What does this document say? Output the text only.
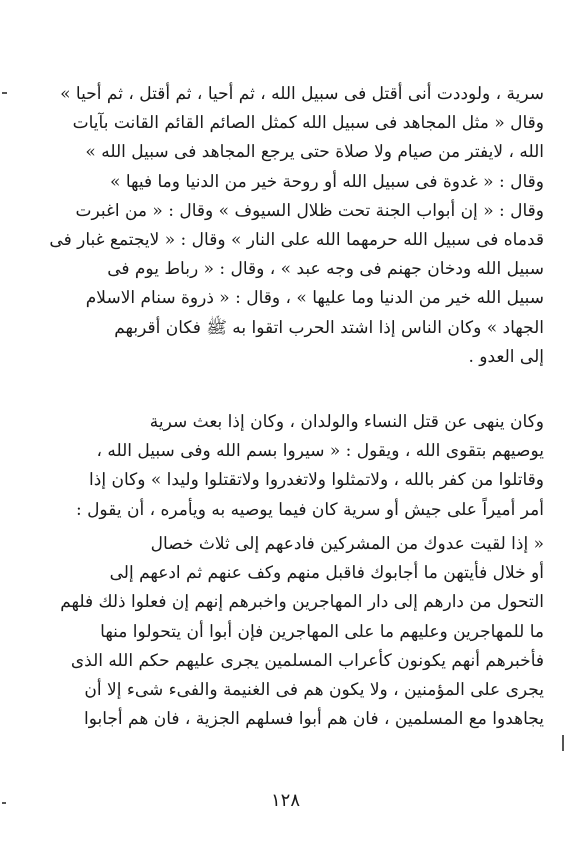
سرية ، ولوددت أنى أقتل فى سبيل الله ، ثم أحيا ، ثم أقتل ، ثم أحيا »
وقال « مثل المجاهد فى سبيل الله كمثل الصائم القائم القانت بآيات
الله ، لايفتر من صيام ولا صلاة حتى يرجع المجاهد فى سبيل الله »
وقال : « غدوة فى سبيل الله أو روحة خير من الدنيا وما فيها »
وقال : « إن أبواب الجنة تحت ظلال السيوف » وقال : « من اغبرت
قدماه فى سبيل الله حرمهما الله على النار » وقال : « لايجتمع غبار فى
سبيل الله ودخان جهنم فى وجه عبد » ، وقال : « رباط يوم فى
سبيل الله خير من الدنيا وما عليها » ، وقال : « ذروة سنام الاسلام
الجهاد » وكان الناس إذا اشتد الحرب اتقوا به ﷺ فكان أقربهم
إلى العدو .
وكان ينهى عن قتل النساء والولدان ، وكان إذا بعث سرية
يوصيهم بتقوى الله ، ويقول : « سيروا بسم الله وفى سبيل الله ،
وقاتلوا من كفر بالله ، ولاتمثلوا ولاتغدروا ولاتقتلوا وليدا » وكان إذا
أمر أميراً على جيش أو سرية كان فيما يوصيه به ويأمره ، أن يقول :
« إذا لقيت عدوك من المشركين فادعهم إلى ثلاث خصال
أو خلال فأيتهن ما أجابوك فاقبل منهم وكف عنهم ثم ادعهم إلى
التحول من دارهم إلى دار المهاجرين واخبرهم إنهم إن فعلوا ذلك فلهم
ما للمهاجرين وعليهم ما على المهاجرين فإن أبوا أن يتحولوا منها
فأخبرهم أنهم يكونون كأعراب المسلمين يجرى عليهم حكم الله الذى
يجرى على المؤمنين ، ولا يكون هم فى الغنيمة والفىء شىء إلا أن
يجاهدوا مع المسلمين ، فان هم أبوا فسلهم الجزية ، فان هم أجابوا
١٢٨
